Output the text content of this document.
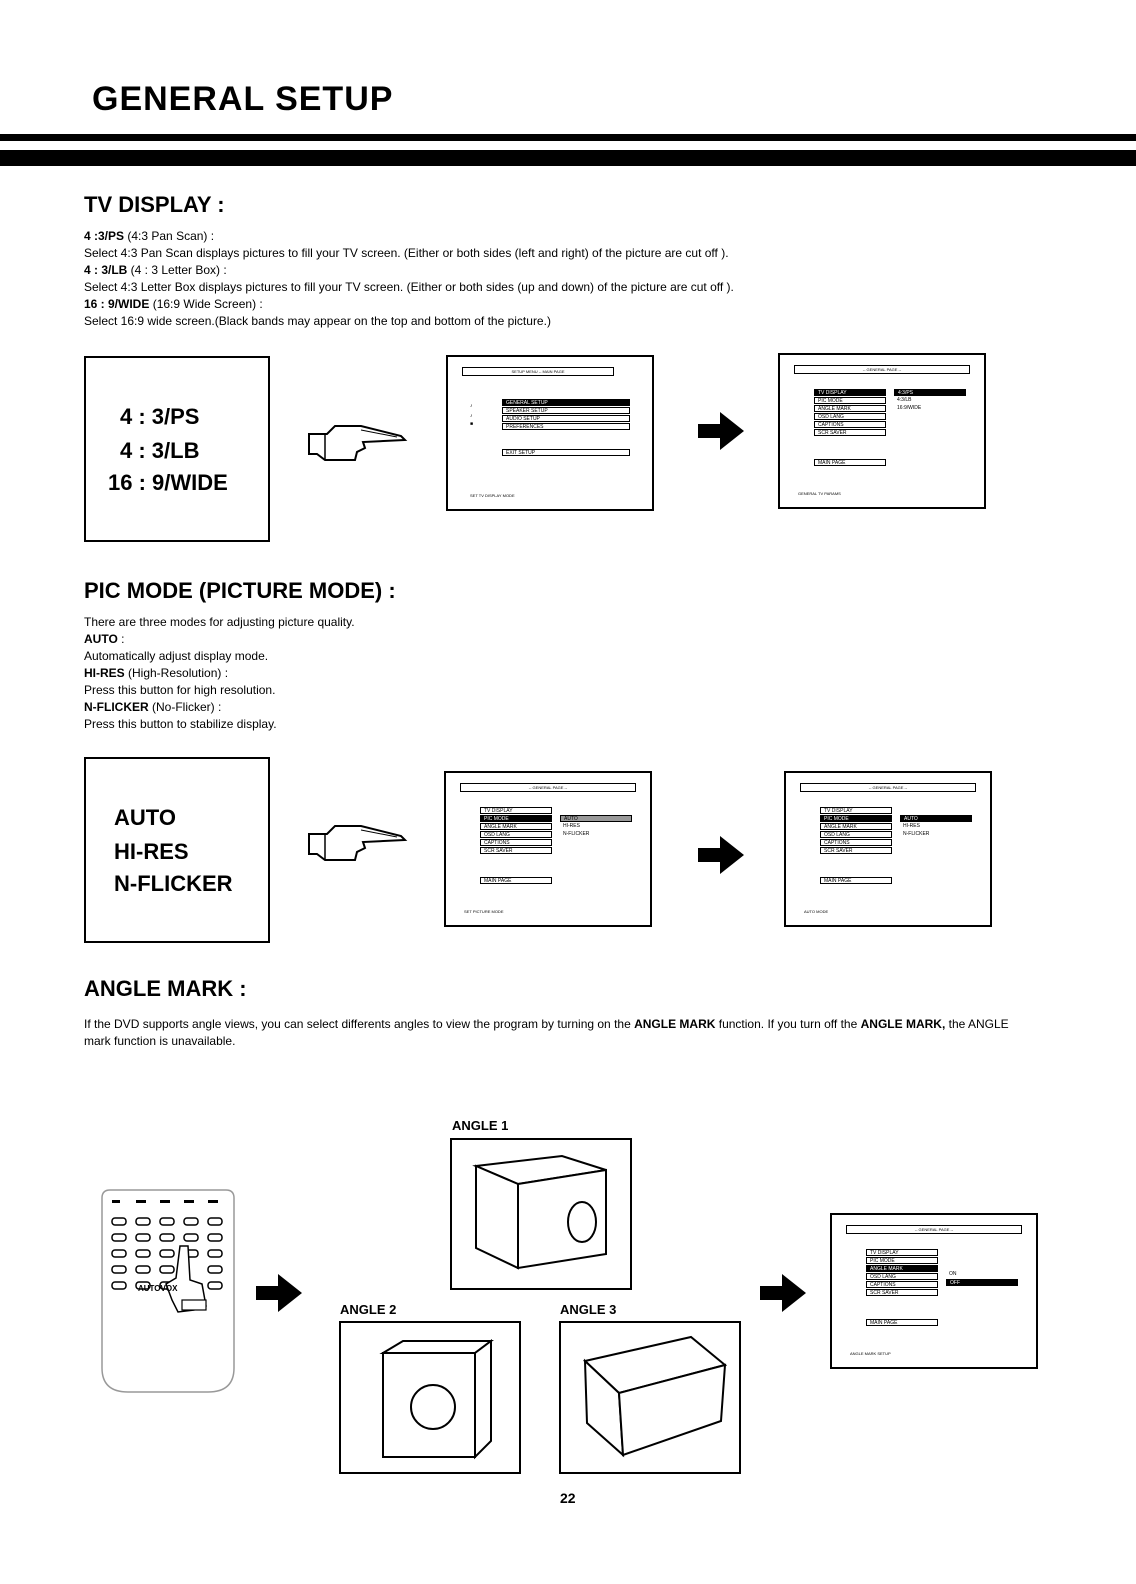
GENERAL SETUP
TV DISPLAY :
4 :3/PS (4:3 Pan Scan) :
Select 4:3 Pan Scan displays pictures to fill your TV screen. (Either or both sides (left and right) of the picture are cut off ).
4 : 3/LB (4 : 3 Letter Box) :
Select 4:3 Letter Box displays pictures to fill your TV screen. (Either or both sides (up and down) of the picture are cut off ).
16 : 9/WIDE (16:9 Wide Screen) :
Select 16:9 wide screen.(Black bands may appear on the top and bottom of the picture.)
4 : 3/PS
4 : 3/LB
16 : 9/WIDE
SETUP MENU -- MAIN PAGE
♪
♪
■
GENERAL SETUP
SPEAKER SETUP
AUDIO SETUP
PREFERENCES
EXIT SETUP
SET TV DISPLAY MODE
-- GENERAL PAGE --
TV DISPLAY
PIC MODE
ANGLE MARK
OSD LANG
CAPTIONS
SCR SAVER
4:3/PS
4:3/LB
16:9/WIDE
MAIN PAGE
GENERAL TV PARAMS
PIC MODE (PICTURE MODE) :
There are three modes for adjusting picture quality.
AUTO :
Automatically adjust display mode.
HI-RES (High-Resolution) :
Press this button for high resolution.
N-FLICKER (No-Flicker) :
Press this button to stabilize display.
AUTO
HI-RES
N-FLICKER
-- GENERAL PAGE --
TV DISPLAY
PIC MODE
ANGLE MARK
OSD LANG
CAPTIONS
SCR SAVER
AUTO
HI-RES
N-FLICKER
MAIN PAGE
SET PICTURE MODE
-- GENERAL PAGE --
TV DISPLAY
PIC MODE
ANGLE MARK
OSD LANG
CAPTIONS
SCR SAVER
AUTO
HI-RES
N-FLICKER
MAIN PAGE
AUTO MODE
ANGLE MARK :
If the DVD supports angle views, you can select differents angles to view the program by turning on the ANGLE MARK function. If you turn off the ANGLE MARK, the ANGLE mark function is unavailable.
AUTOVOX
ANGLE 1
ANGLE 2	ANGLE 3
-- GENERAL PAGE --
TV DISPLAY
PIC MODE
ANGLE MARK
OSD LANG
CAPTIONS
SCR SAVER
ON
OFF
MAIN PAGE
ANGLE MARK SETUP
22
